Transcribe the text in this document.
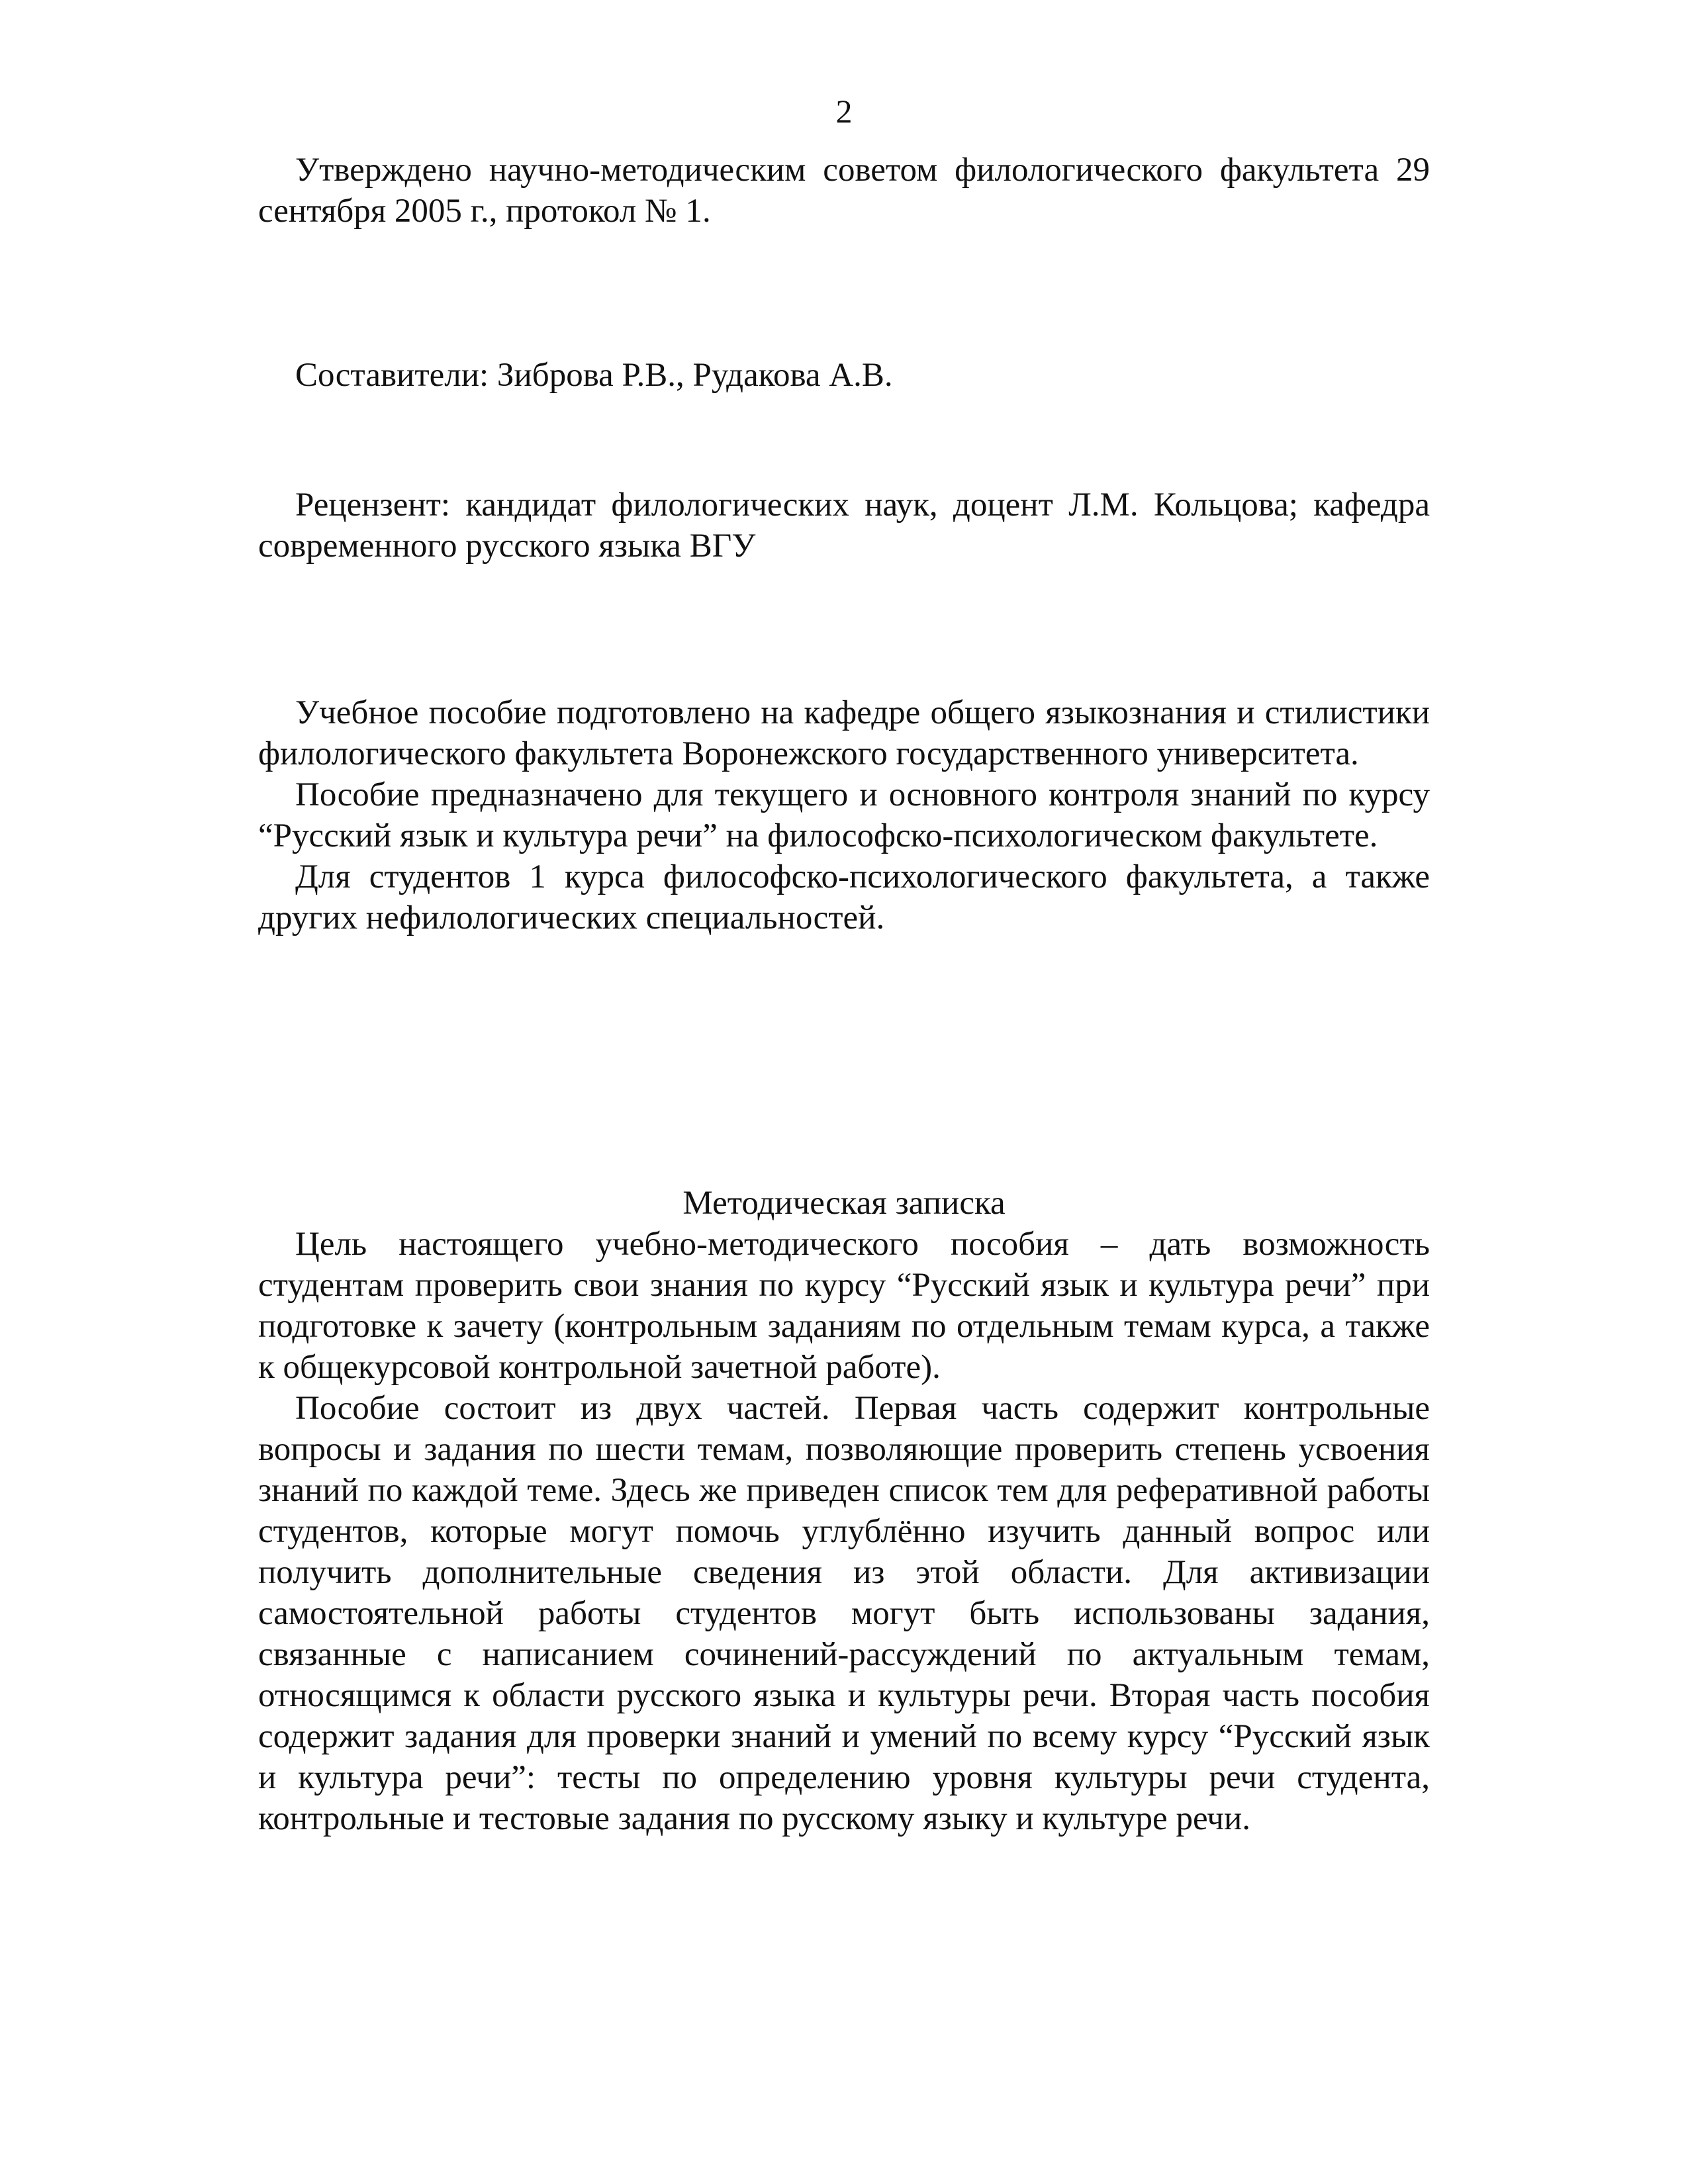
2

Утверждено научно-методическим советом филологического факультета 29 сентября 2005 г., протокол № 1.

Составители: Зиброва Р.В., Рудакова А.В.

Рецензент: кандидат филологических наук, доцент Л.М. Кольцова; кафедра современного русского языка ВГУ

Учебное пособие подготовлено на кафедре общего языкознания и стилистики филологического факультета Воронежского государственного университета.

Пособие предназначено для текущего и основного контроля знаний по курсу “Русский язык и культура речи” на философско-психологическом факультете.

Для студентов 1 курса философско-психологического факультета, а также других нефилологических специальностей.

Методическая записка

Цель настоящего учебно-методического пособия – дать возможность студентам проверить свои знания по курсу “Русский язык и культура речи” при подготовке к зачету (контрольным заданиям по отдельным темам курса, а также к общекурсовой контрольной зачетной работе).

Пособие состоит из двух частей. Первая часть содержит контрольные вопросы и задания по шести темам, позволяющие проверить степень усвоения знаний по каждой теме. Здесь же приведен список тем для реферативной работы студентов, которые могут помочь углублённо изучить данный вопрос или получить дополнительные сведения из этой области. Для активизации самостоятельной работы студентов могут быть использованы задания, связанные с написанием сочинений-рассуждений по актуальным темам, относящимся к области русского языка и культуры речи. Вторая часть пособия содержит задания для проверки знаний и умений по всему курсу “Русский язык и культура речи”: тесты по определению уровня культуры речи студента, контрольные и тестовые задания по русскому языку и культуре речи.
